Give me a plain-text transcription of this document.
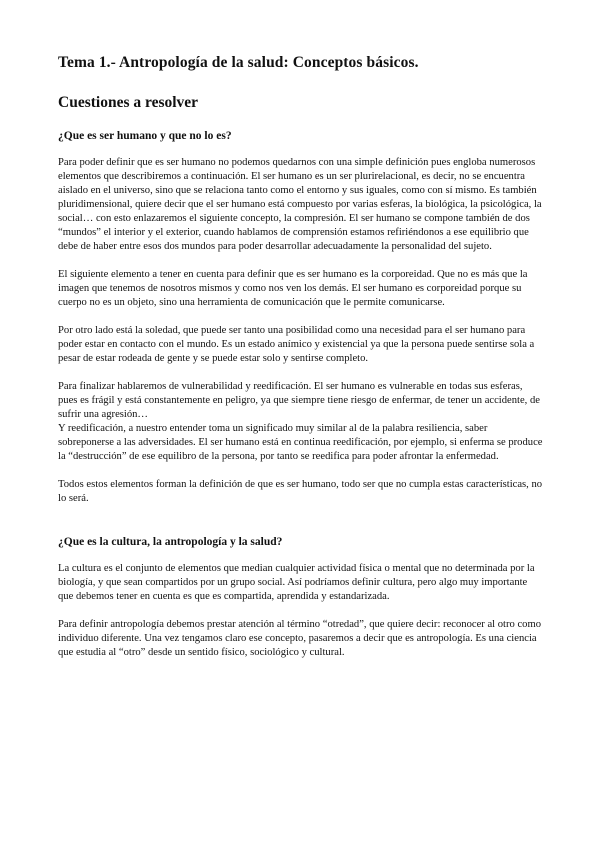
Tema 1.- Antropología de la salud: Conceptos básicos.
Cuestiones a resolver
¿Que es ser humano y que no lo es?

Para poder definir que es ser humano no podemos quedarnos con una simple definición pues engloba numerosos elementos que describiremos a continuación. El ser humano es un ser plurirelacional, es decir, no se encuentra aislado en el universo, sino que se relaciona tanto como el entorno y sus iguales, como con sí mismo. Es también pluridimensional, quiere decir que el ser humano está compuesto por varias esferas, la biológica, la psicológica, la social… con esto enlazaremos el siguiente concepto, la compresión. El ser humano se compone también de dos “mundos” el interior y el exterior, cuando hablamos de comprensión estamos refiriéndonos a ese equilibrio que debe de haber entre esos dos mundos para poder desarrollar adecuadamente la personalidad del sujeto.

El siguiente elemento a tener en cuenta para definir que es ser humano es la corporeidad. Que no es más que la imagen que tenemos de nosotros mismos y como nos ven los demás. El ser humano es corporeidad porque su cuerpo no es un objeto, sino una herramienta de comunicación que le permite comunicarse.

Por otro lado está la soledad, que puede ser tanto una posibilidad como una necesidad para el ser humano para poder estar en contacto con el mundo. Es un estado anímico y existencial ya que la persona puede sentirse sola a pesar de estar rodeada de gente y se puede estar solo y sentirse completo.

Para finalizar hablaremos de vulnerabilidad y reedificación. El ser humano es vulnerable en todas sus esferas, pues es frágil y está constantemente en peligro, ya que siempre tiene riesgo de enfermar, de tener un accidente, de sufrir una agresión…

Y reedificación, a nuestro entender toma un significado muy similar al de la palabra resiliencia, saber sobreponerse a las adversidades. El ser humano está en continua reedificación, por ejemplo, si enferma se produce la “destrucción” de ese equilibro de la persona, por tanto se reedifica para poder afrontar la enfermedad.

Todos estos elementos forman la definición de que es ser humano, todo ser que no cumpla estas características, no lo será.

¿Que es la cultura, la antropología y la salud?

La cultura es el conjunto de elementos que median cualquier actividad física o mental que no determinada por la biología, y que sean compartidos por un grupo social. Así podríamos definir cultura, pero algo muy importante que debemos tener en cuenta es que es compartida, aprendida y estandarizada.

Para definir antropología debemos prestar atención al término “otredad”, que quiere decir: reconocer al otro como individuo diferente. Una vez tengamos claro ese concepto, pasaremos a decir que es antropología. Es una ciencia que estudia al “otro” desde un sentido físico, sociológico y cultural.
